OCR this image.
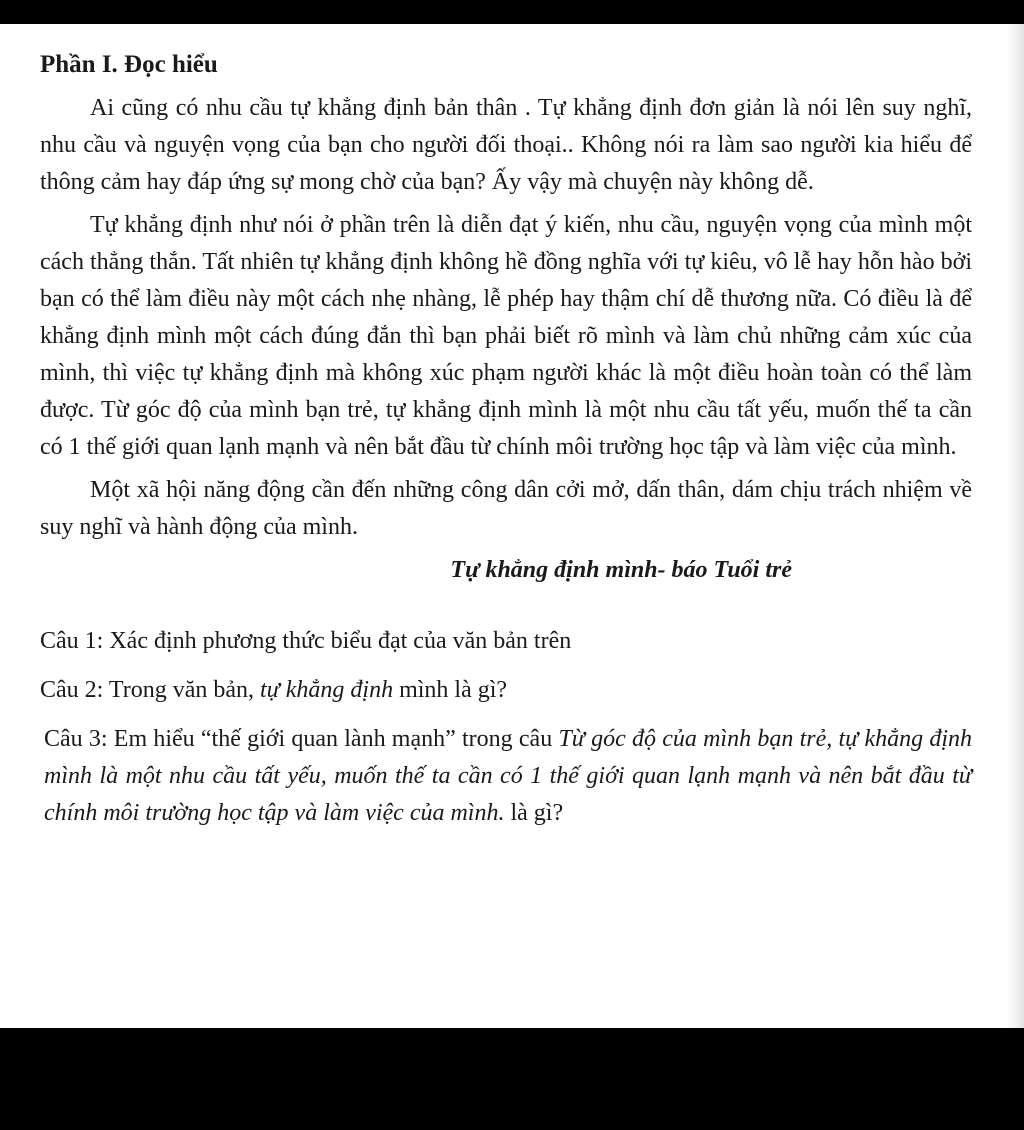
Phần I. Đọc hiểu

Ai cũng có nhu cầu tự khẳng định bản thân . Tự khẳng định đơn giản là nói lên suy nghĩ, nhu cầu và nguyện vọng của bạn cho người đối thoại.. Không nói ra làm sao người kia hiểu để thông cảm hay đáp ứng sự mong chờ của bạn? Ấy vậy mà chuyện này không dễ.

Tự khẳng định như nói ở phần trên là diễn đạt ý kiến, nhu cầu, nguyện vọng của mình một cách thẳng thắn. Tất nhiên tự khẳng định không hề đồng nghĩa với tự kiêu, vô lễ hay hỗn hào bởi bạn có thể làm điều này một cách nhẹ nhàng, lễ phép hay thậm chí dễ thương nữa. Có điều là để khẳng định mình một cách đúng đắn thì bạn phải biết rõ mình và làm chủ những cảm xúc của mình, thì việc tự khẳng định mà không xúc phạm người khác là một điều hoàn toàn có thể làm được. Từ góc độ của mình bạn trẻ, tự khẳng định mình là một nhu cầu tất yếu, muốn thế ta cần có 1 thế giới quan lạnh mạnh và nên bắt đầu từ chính môi trường học tập và làm việc của mình.

Một xã hội năng động cần đến những công dân cởi mở, dấn thân, dám chịu trách nhiệm về suy nghĩ và hành động của mình.

Tự khẳng định mình- báo Tuổi trẻ

Câu 1: Xác định phương thức biểu đạt của văn bản trên

Câu 2: Trong văn bản, tự khẳng định mình là gì?

Câu 3: Em hiểu “thế giới quan lành mạnh” trong câu Từ góc độ của mình bạn trẻ, tự khẳng định mình là một nhu cầu tất yếu, muốn thế ta cần có 1 thế giới quan lạnh mạnh và nên bắt đầu từ chính môi trường học tập và làm việc của mình. là gì?
